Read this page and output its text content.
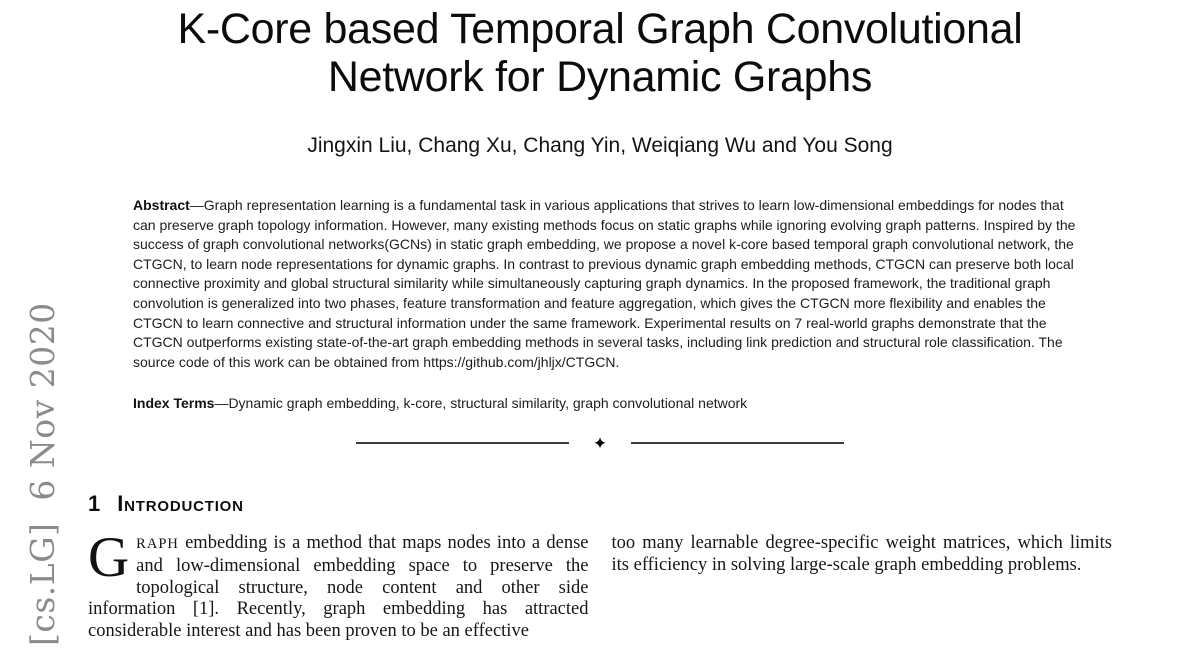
[cs.LG]  6 Nov 2020
K-Core based Temporal Graph Convolutional
Network for Dynamic Graphs
Jingxin Liu, Chang Xu, Chang Yin, Weiqiang Wu and You Song

Abstract—Graph representation learning is a fundamental task in various applications that strives to learn low-dimensional embeddings for nodes that can preserve graph topology information. However, many existing methods focus on static graphs while ignoring evolving graph patterns. Inspired by the success of graph convolutional networks(GCNs) in static graph embedding, we propose a novel k-core based temporal graph convolutional network, the CTGCN, to learn node representations for dynamic graphs. In contrast to previous dynamic graph embedding methods, CTGCN can preserve both local connective proximity and global structural similarity while simultaneously capturing graph dynamics. In the proposed framework, the traditional graph convolution is generalized into two phases, feature transformation and feature aggregation, which gives the CTGCN more flexibility and enables the CTGCN to learn connective and structural information under the same framework. Experimental results on 7 real-world graphs demonstrate that the CTGCN outperforms existing state-of-the-art graph embedding methods in several tasks, including link prediction and structural role classification. The source code of this work can be obtained from https://github.com/jhljx/CTGCN.

Index Terms—Dynamic graph embedding, k-core, structural similarity, graph convolutional network

✦
1 Introduction

GRAPH embedding is a method that maps nodes into a dense and low-dimensional embedding space to preserve the topological structure, node content and other side information [1]. Recently, graph embedding has attracted considerable interest and has been proven to be an effective

too many learnable degree-specific weight matrices, which limits its efficiency in solving large-scale graph embedding problems.
